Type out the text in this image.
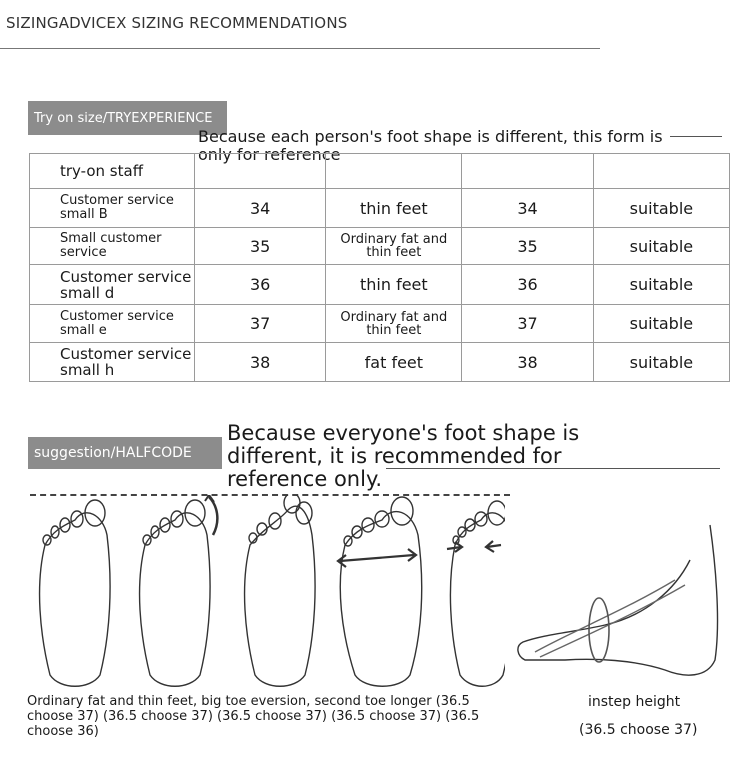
SIZINGADVICEX SIZING RECOMMENDATIONS
Try on size/TRYEXPERIENCE
Because each person's foot shape is different, this form is only for reference
try-on staff				
Customer service small B	34	thin feet	34	suitable
Small customer service	35	Ordinary fat and thin feet	35	suitable
Customer service small d	36	thin feet	36	suitable
Customer service small e	37	Ordinary fat and thin feet	37	suitable
Customer service small h	38	fat feet	38	suitable
suggestion/HALFCODE
Because everyone's foot shape is different, it is recommended for reference only.
Ordinary fat and thin feet, big toe eversion, second toe longer (36.5 choose 37) (36.5 choose 37) (36.5 choose 37) (36.5 choose 37) (36.5 choose 36)
instep height
(36.5 choose 37)
